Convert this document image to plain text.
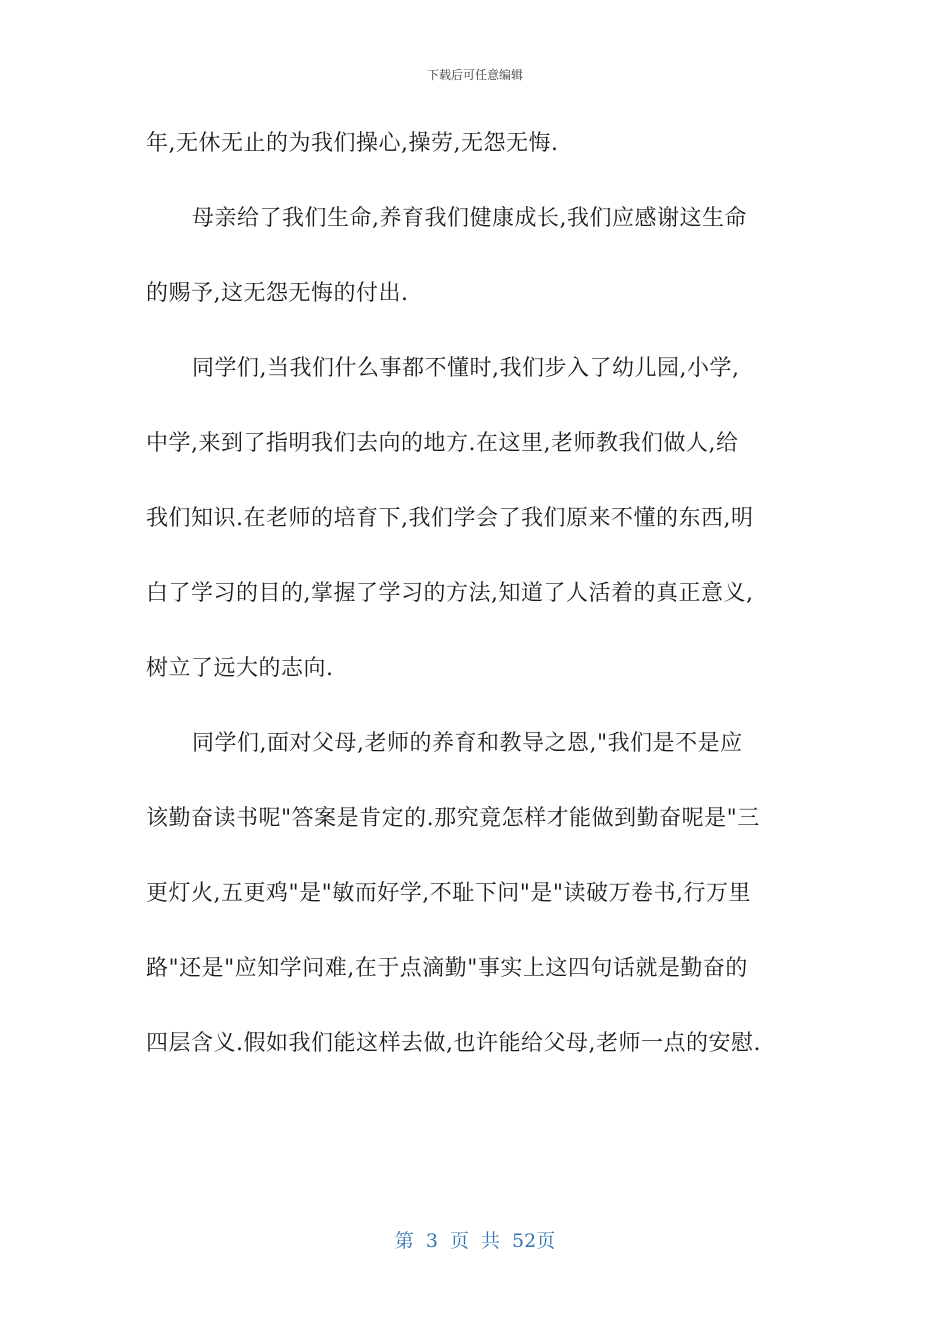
下载后可任意编辑
年,无休无止的为我们操心,操劳,无怨无悔.
母亲给了我们生命,养育我们健康成长,我们应感谢这生命
的赐予,这无怨无悔的付出.
同学们,当我们什么事都不懂时,我们步入了幼儿园,小学,
中学,来到了指明我们去向的地方.在这里,老师教我们做人,给
我们知识.在老师的培育下,我们学会了我们原来不懂的东西,明
白了学习的目的,掌握了学习的方法,知道了人活着的真正意义,
树立了远大的志向.
同学们,面对父母,老师的养育和教导之恩,"我们是不是应
该勤奋读书呢"答案是肯定的.那究竟怎样才能做到勤奋呢是"三
更灯火,五更鸡"是"敏而好学,不耻下问"是"读破万卷书,行万里
路"还是"应知学问难,在于点滴勤"事实上这四句话就是勤奋的
四层含义.假如我们能这样去做,也许能给父母,老师一点的安慰.
第 3 页 共 52页
